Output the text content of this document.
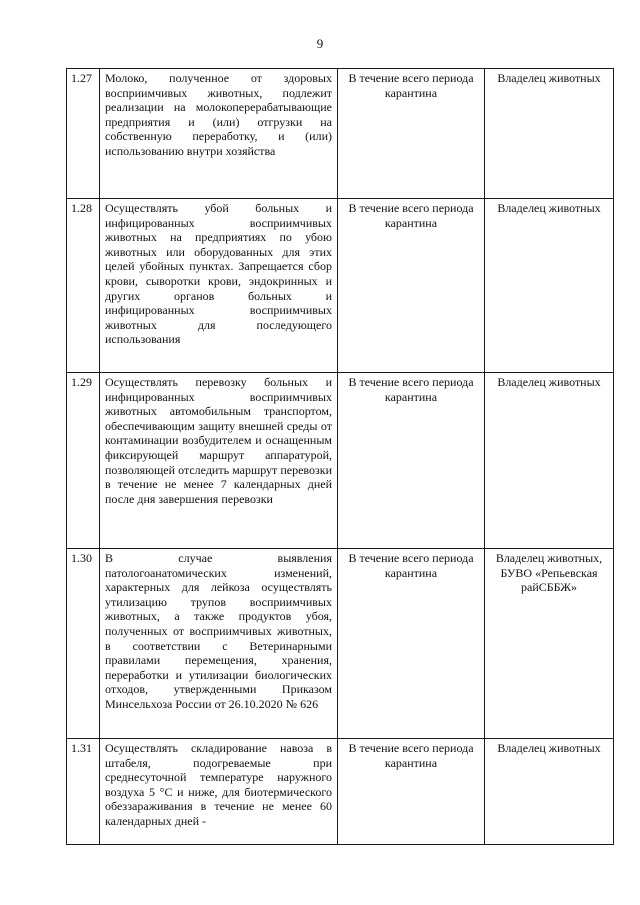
9
1.27	Молоко, полученное от здоровых восприимчивых животных, подлежит реализации на молокоперерабатывающие предприятия и (или) отгрузки на собственную переработку, и (или) использованию внутри хозяйства	В течение всего периода карантина	Владелец животных
1.28	Осуществлять убой больных и инфицированных восприимчивых животных на предприятиях по убою животных или оборудованных для этих целей убойных пунктах. Запрещается сбор крови, сыворотки крови, эндокринных и других органов больных и инфицированных восприимчивых животных для последующего использования	В течение всего периода карантина	Владелец животных
1.29	Осуществлять перевозку больных и инфицированных восприимчивых животных автомобильным транспортом, обеспечивающим защиту внешней среды от контаминации возбудителем и оснащенным фиксирующей маршрут аппаратурой, позволяющей отследить маршрут перевозки в течение не менее 7 календарных дней после дня завершения перевозки	В течение всего периода карантина	Владелец животных
1.30	В случае выявления патологоанатомических изменений, характерных для лейкоза осуществлять утилизацию трупов восприимчивых животных, а также продуктов убоя, полученных от восприимчивых животных, в соответствии с Ветеринарными правилами перемещения, хранения, переработки и утилизации биологических отходов, утвержденными Приказом Минсельхоза России от 26.10.2020 № 626	В течение всего периода карантина	Владелец животных, БУВО «Репьевская райСББЖ»
1.31	Осуществлять складирование навоза в штабеля, подогреваемые при среднесуточной температуре наружного воздуха 5 °C и ниже, для биотермического обеззараживания в течение не менее 60 календарных дней -	В течение всего периода карантина	Владелец животных
